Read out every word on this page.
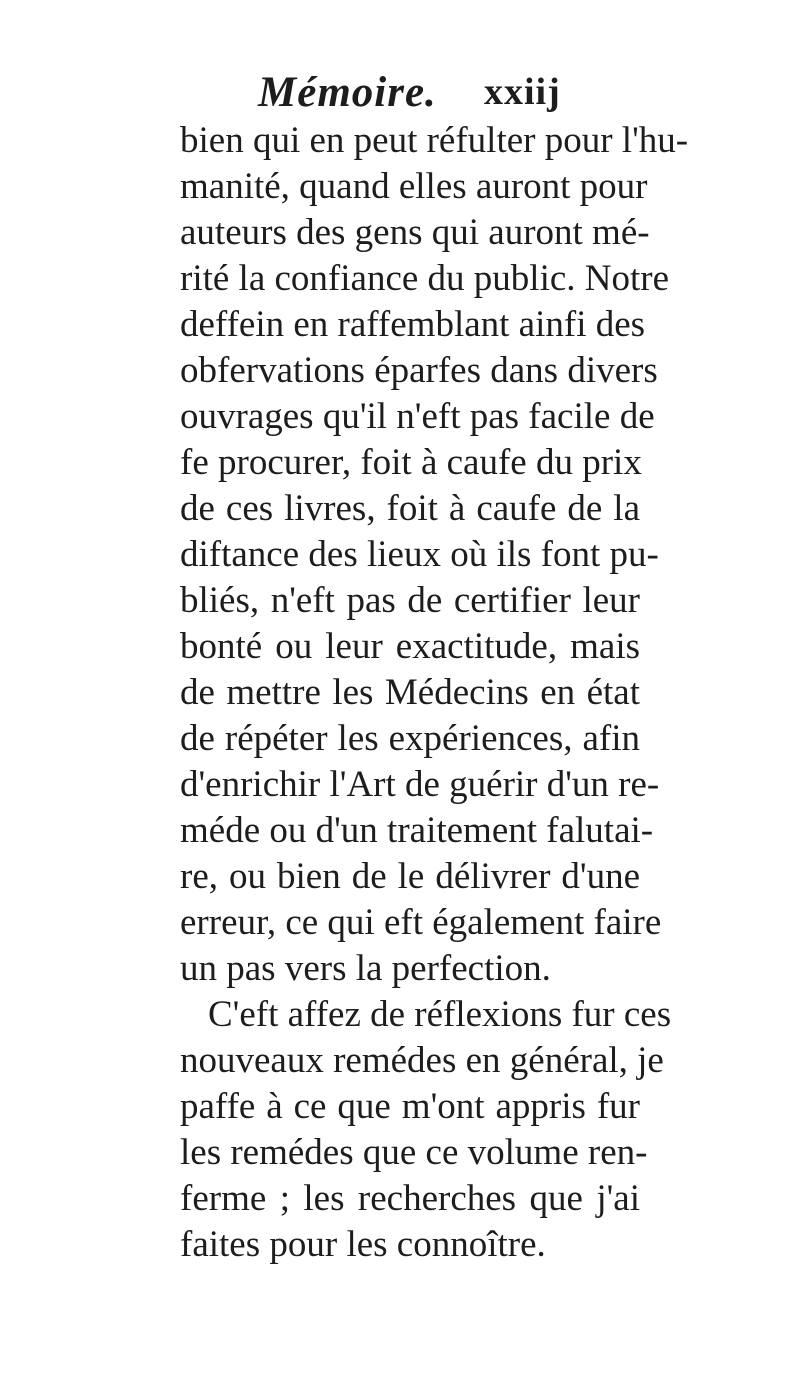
Mémoire. xxiij
bien qui en peut réfulter pour l'hu-
manité, quand elles auront pour
auteurs des gens qui auront mé-
rité la confiance du public. Notre
deffein en raffemblant ainfi des
obfervations éparfes dans divers
ouvrages qu'il n'eft pas facile de
fe procurer, foit à caufe du prix
de ces livres, foit à caufe de la
diftance des lieux où ils font pu-
bliés, n'eft pas de certifier leur
bonté ou leur exactitude, mais
de mettre les Médecins en état
de répéter les expériences, afin
d'enrichir l'Art de guérir d'un re-
méde ou d'un traitement falutai-
re, ou bien de le délivrer d'une
erreur, ce qui eft également faire
un pas vers la perfection.
C'eft affez de réflexions fur ces
nouveaux remédes en général, je
paffe à ce que m'ont appris fur
les remédes que ce volume ren-
ferme ; les recherches que j'ai
faites pour les connoître.
